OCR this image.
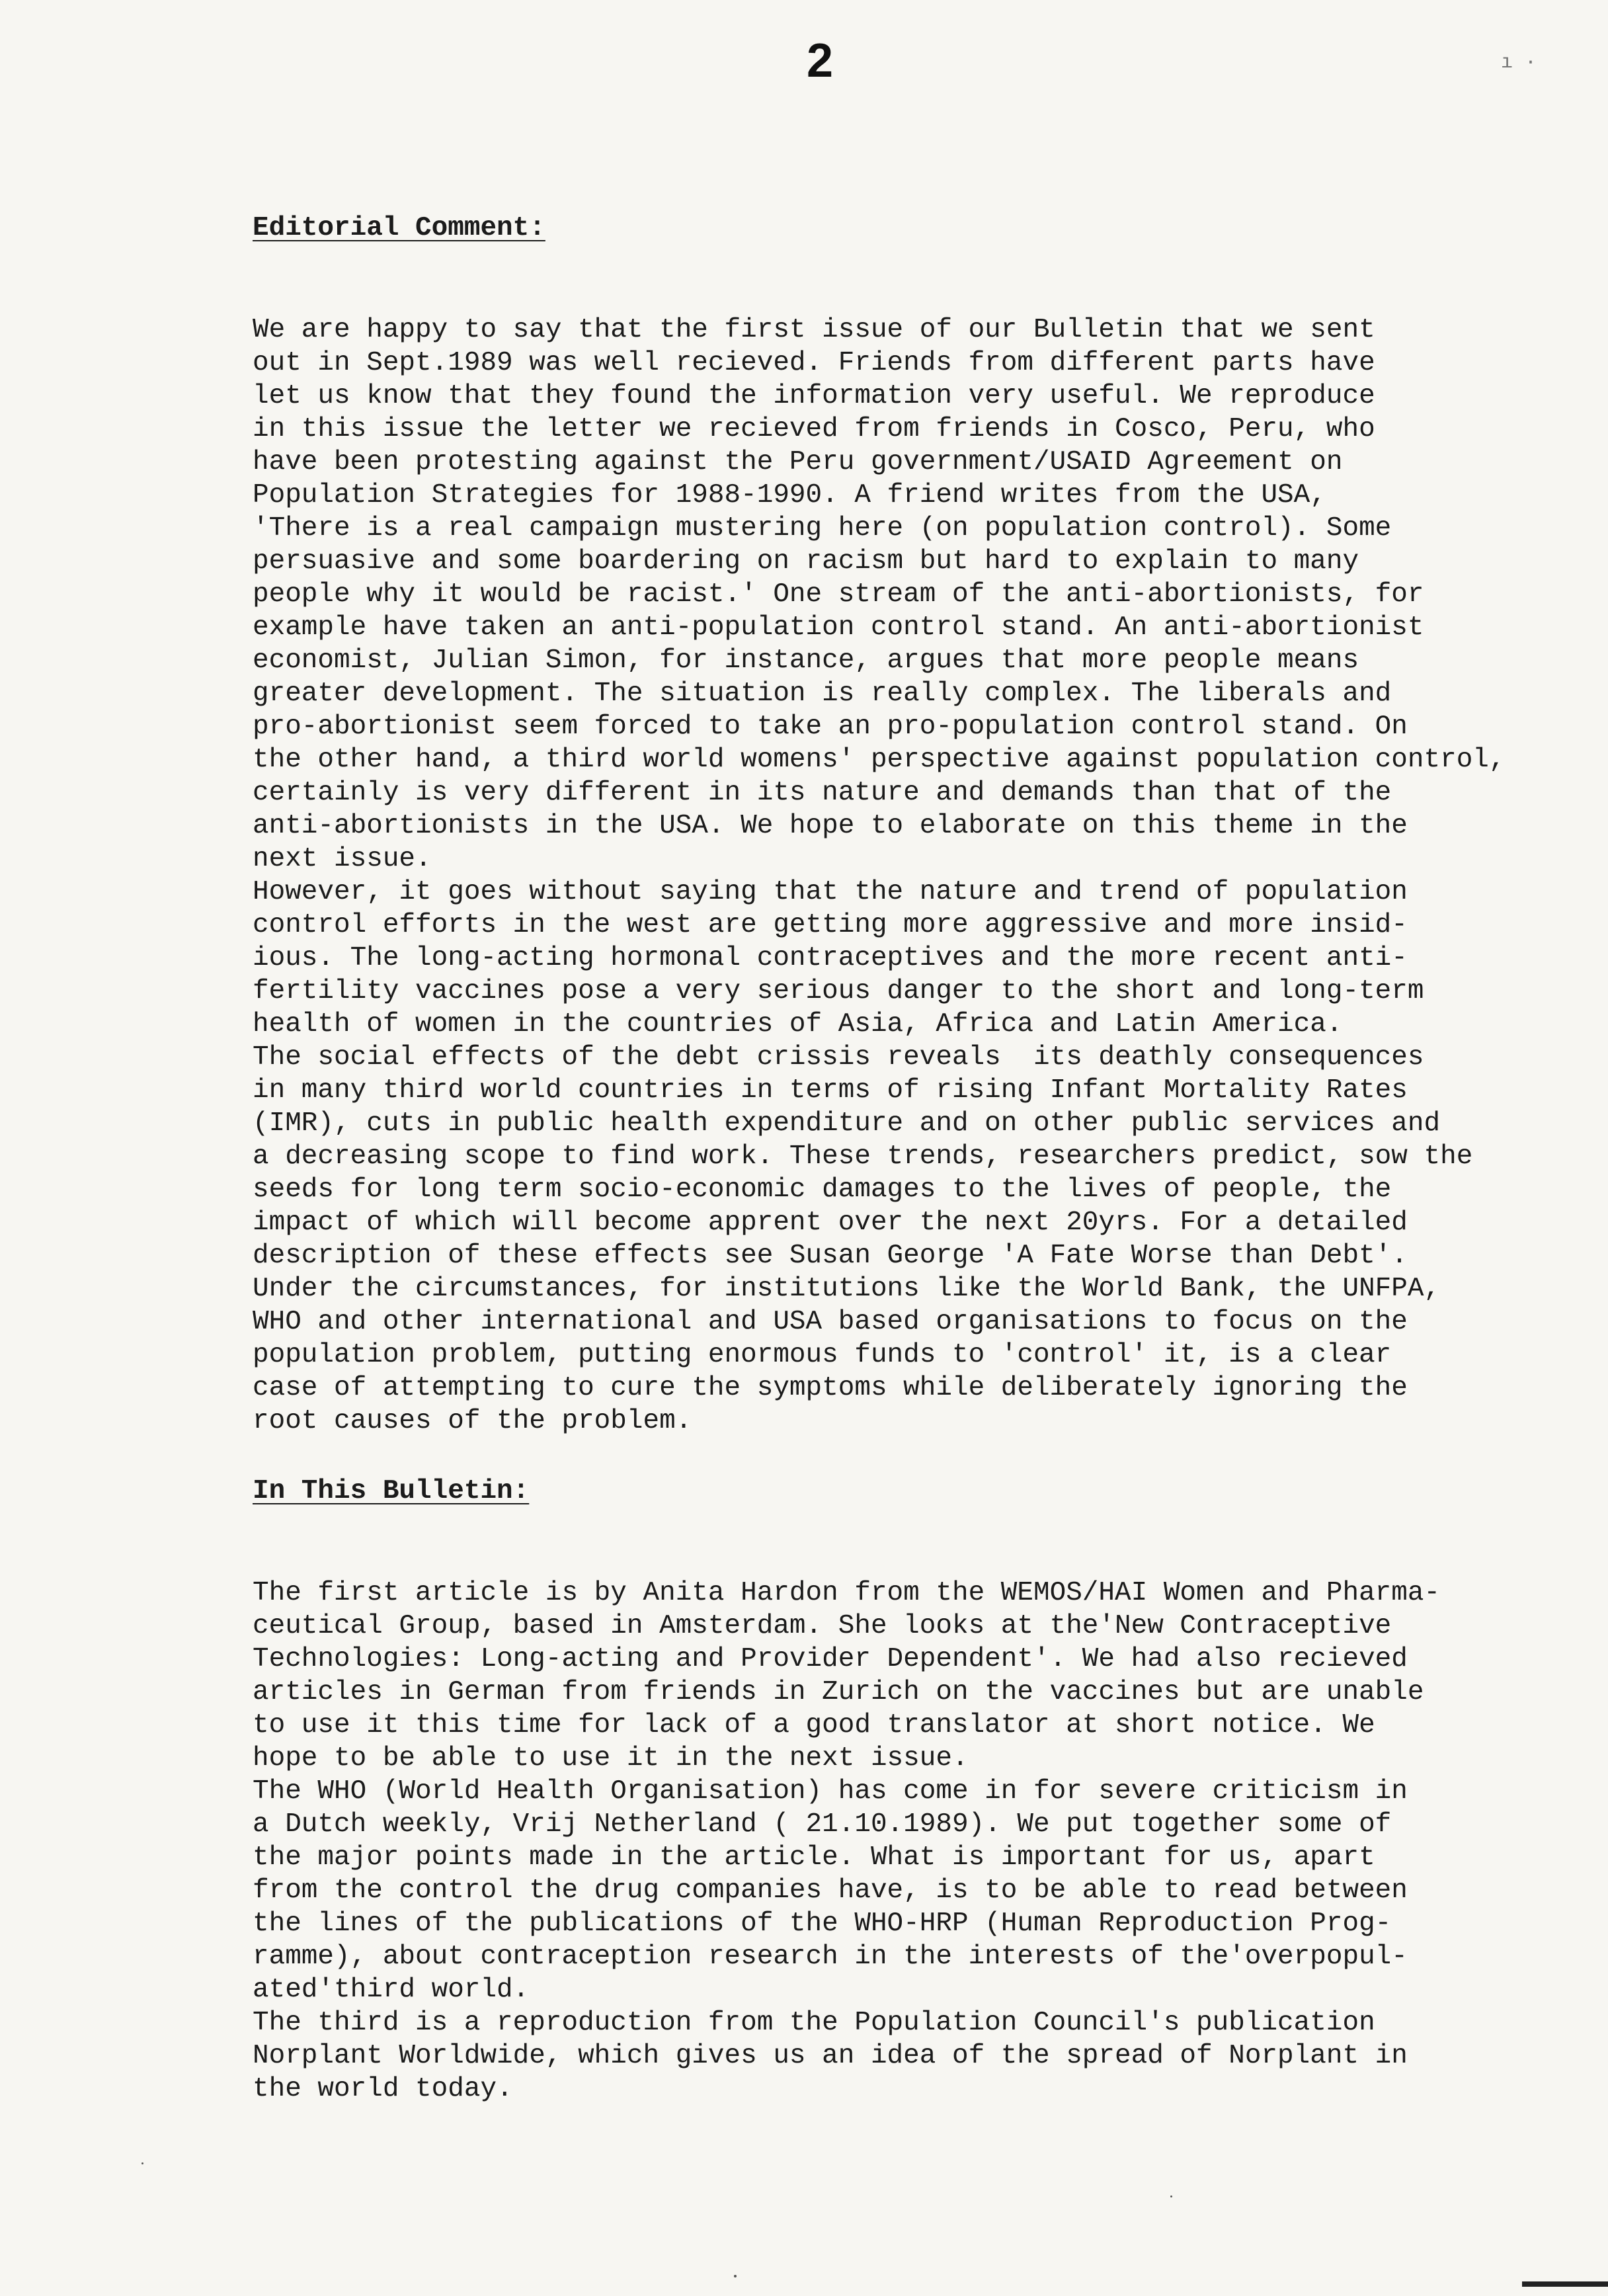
2	ı ·
Editorial Comment:

We are happy to say that the first issue of our Bulletin that we sent
out in Sept.1989 was well recieved. Friends from different parts have
let us know that they found the information very useful. We reproduce
in this issue the letter we recieved from friends in Cosco, Peru, who
have been protesting against the Peru government/USAID Agreement on
Population Strategies for 1988-1990. A friend writes from the USA,
'There is a real campaign mustering here (on population control). Some
persuasive and some boardering on racism but hard to explain to many
people why it would be racist.' One stream of the anti-abortionists, for
example have taken an anti-population control stand. An anti-abortionist
economist, Julian Simon, for instance, argues that more people means
greater development. The situation is really complex. The liberals and
pro-abortionist seem forced to take an pro-population control stand. On
the other hand, a third world womens' perspective against population control,
certainly is very different in its nature and demands than that of the
anti-abortionists in the USA. We hope to elaborate on this theme in the
next issue.

However, it goes without saying that the nature and trend of population
control efforts in the west are getting more aggressive and more insid-
ious. The long-acting hormonal contraceptives and the more recent anti-
fertility vaccines pose a very serious danger to the short and long-term
health of women in the countries of Asia, Africa and Latin America.

The social effects of the debt crissis reveals  its deathly consequences
in many third world countries in terms of rising Infant Mortality Rates
(IMR), cuts in public health expenditure and on other public services and
a decreasing scope to find work. These trends, researchers predict, sow the
seeds for long term socio-economic damages to the lives of people, the
impact of which will become apprent over the next 20yrs. For a detailed
description of these effects see Susan George 'A Fate Worse than Debt'.
Under the circumstances, for institutions like the World Bank, the UNFPA,
WHO and other international and USA based organisations to focus on the
population problem, putting enormous funds to 'control' it, is a clear
case of attempting to cure the symptoms while deliberately ignoring the
root causes of the problem.

In This Bulletin:

The first article is by Anita Hardon from the WEMOS/HAI Women and Pharma-
ceutical Group, based in Amsterdam. She looks at the'New Contraceptive
Technologies: Long-acting and Provider Dependent'. We had also recieved
articles in German from friends in Zurich on the vaccines but are unable
to use it this time for lack of a good translator at short notice. We
hope to be able to use it in the next issue.

The WHO (World Health Organisation) has come in for severe criticism in
a Dutch weekly, Vrij Netherland ( 21.10.1989). We put together some of
the major points made in the article. What is important for us, apart
from the control the drug companies have, is to be able to read between
the lines of the publications of the WHO-HRP (Human Reproduction Prog-
ramme), about contraception research in the interests of the'overpopul-
ated'third world.

The third is a reproduction from the Population Council's publication
Norplant Worldwide, which gives us an idea of the spread of Norplant in
the world today.
